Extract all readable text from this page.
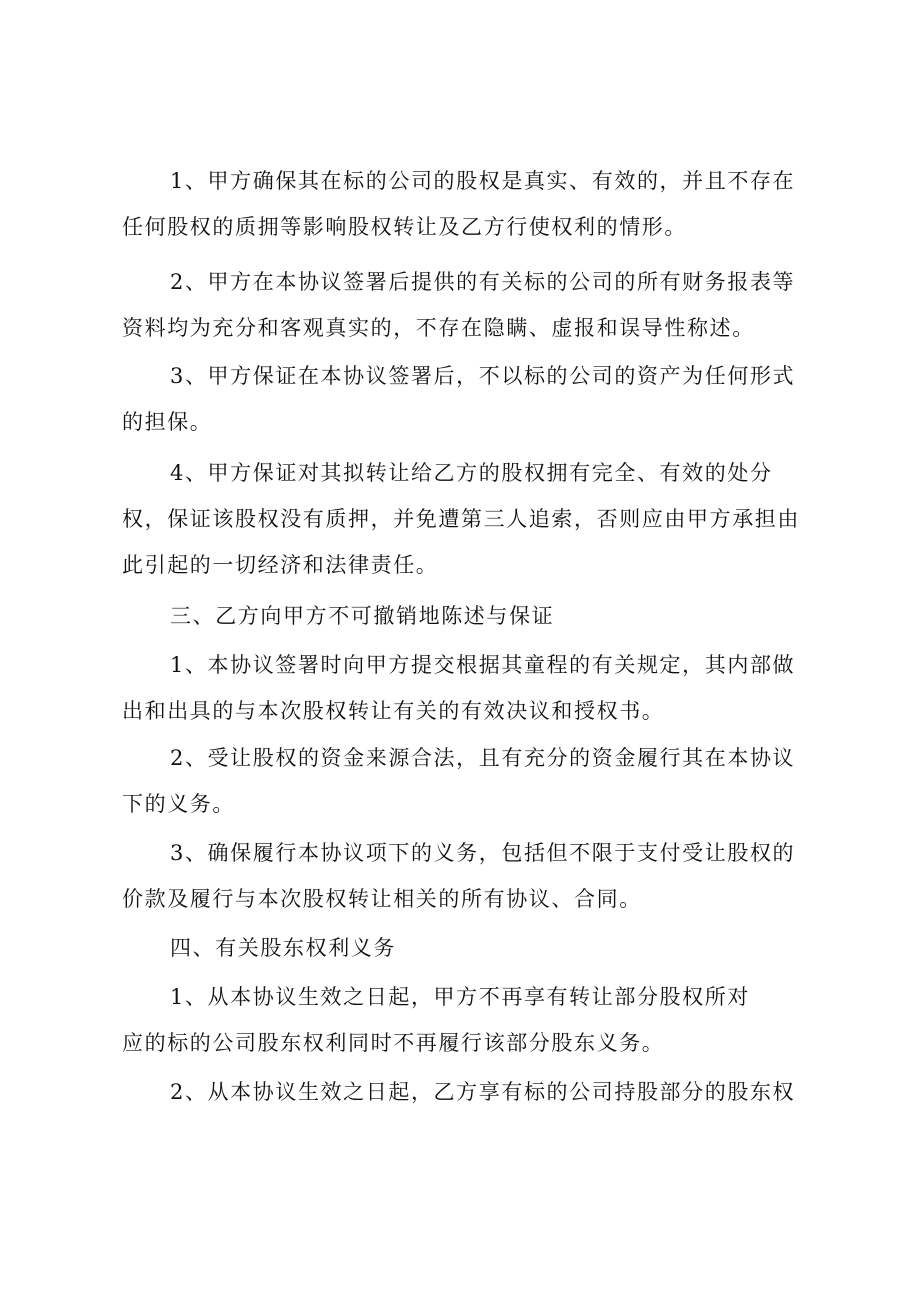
1、甲方确保其在标的公司的股权是真实、有效的，并且不存在任何股权的质拥等影响股权转让及乙方行使权利的情形。

2、甲方在本协议签署后提供的有关标的公司的所有财务报表等资料均为充分和客观真实的，不存在隐瞒、虚报和误导性称述。

3、甲方保证在本协议签署后，不以标的公司的资产为任何形式的担保。

4、甲方保证对其拟转让给乙方的股权拥有完全、有效的处分权，保证该股权没有质押，并免遭第三人追索，否则应由甲方承担由此引起的一切经济和法律责任。

三、乙方向甲方不可撤销地陈述与保证

1、本协议签署时向甲方提交根据其童程的有关规定，其内部做出和出具的与本次股权转让有关的有效决议和授权书。

2、受让股权的资金来源合法，且有充分的资金履行其在本协议下的义务。

3、确保履行本协议项下的义务，包括但不限于支付受让股权的价款及履行与本次股权转让相关的所有协议、合同。

四、有关股东权利义务

1、从本协议生效之日起，甲方不再享有转让部分股权所对

应的标的公司股东权利同时不再履行该部分股东义务。

2、从本协议生效之日起，乙方享有标的公司持股部分的股东权
